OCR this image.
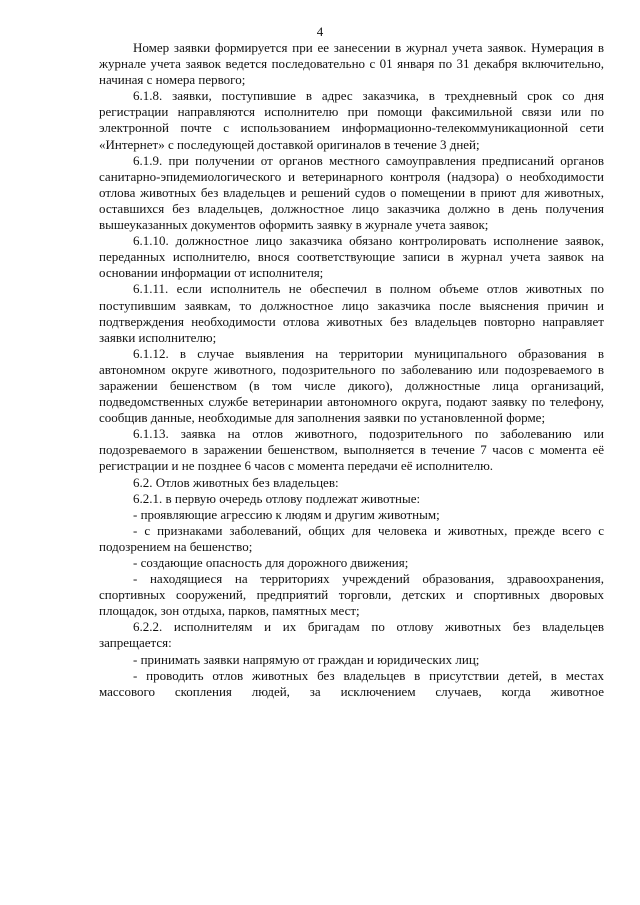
4

Номер заявки формируется при ее занесении в журнал учета заявок. Нумерация в журнале учета заявок ведется последовательно с 01 января по 31 декабря включительно, начиная с номера первого;

6.1.8. заявки, поступившие в адрес заказчика, в трехдневный срок со дня регистрации направляются исполнителю при помощи факсимильной связи или по электронной почте с использованием информационно-телекоммуникационной сети «Интернет» с последующей доставкой оригиналов в течение 3 дней;

6.1.9. при получении от органов местного самоуправления предписаний органов санитарно-эпидемиологического и ветеринарного контроля (надзора) о необходимости отлова животных без владельцев и решений судов о помещении в приют для животных, оставшихся без владельцев, должностное лицо заказчика должно в день получения вышеуказанных документов оформить заявку в журнале учета заявок;

6.1.10. должностное лицо заказчика обязано контролировать исполнение заявок, переданных исполнителю, внося соответствующие записи в журнал учета заявок на основании информации от исполнителя;

6.1.11. если исполнитель не обеспечил в полном объеме отлов животных по поступившим заявкам, то должностное лицо заказчика после выяснения причин и подтверждения необходимости отлова животных без владельцев повторно направляет заявки исполнителю;

6.1.12. в случае выявления на территории муниципального образования в автономном округе животного, подозрительного по заболеванию или подозреваемого в заражении бешенством (в том числе дикого), должностные лица организаций, подведомственных службе ветеринарии автономного округа, подают заявку по телефону, сообщив данные, необходимые для заполнения заявки по установленной форме;

6.1.13. заявка на отлов животного, подозрительного по заболеванию или подозреваемого в заражении бешенством, выполняется в течение 7 часов с момента её регистрации и не позднее 6 часов с момента передачи её исполнителю.

6.2. Отлов животных без владельцев:

6.2.1. в первую очередь отлову подлежат животные:

- проявляющие агрессию к людям и другим животным;

- с признаками заболеваний, общих для человека и животных, прежде всего с подозрением на бешенство;

- создающие опасность для дорожного движения;

- находящиеся на территориях учреждений образования, здравоохранения, спортивных сооружений, предприятий торговли, детских и спортивных дворовых площадок, зон отдыха, парков, памятных мест;

6.2.2. исполнителям и их бригадам по отлову животных без владельцев запрещается:

- принимать заявки напрямую от граждан и юридических лиц;

- проводить отлов животных без владельцев в присутствии детей, в местах массового скопления людей, за исключением случаев, когда животное
